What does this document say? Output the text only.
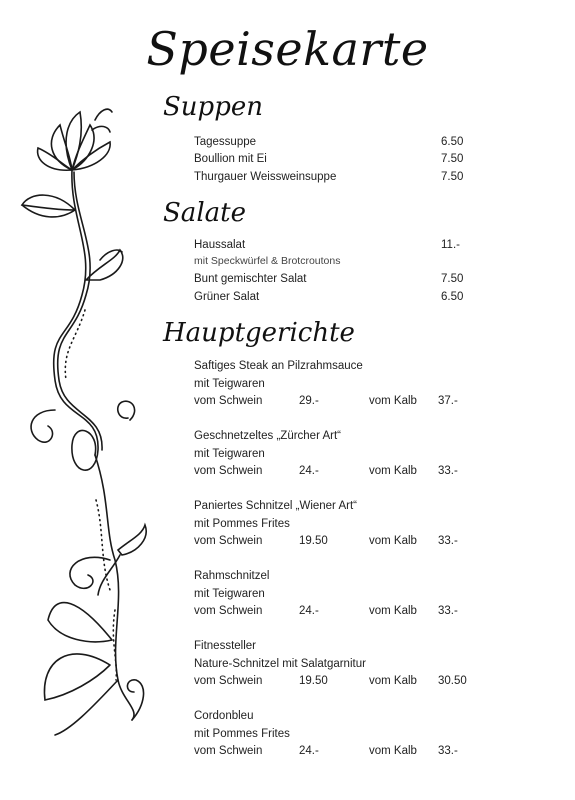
Speisekarte
Suppen
Tagessuppe	6.50
Boullion mit Ei	7.50
Thurgauer Weissweinsuppe	7.50
Salate
Haussalat	11.-
mit Speckwürfel & Brotcroutons
Bunt gemischter Salat	7.50
Grüner Salat	6.50
Hauptgerichte
Saftiges Steak an Pilzrahmsauce
mit Teigwaren
vom Schwein	29.-	vom Kalb 37.-
Geschnetzeltes „Zürcher Art“
mit Teigwaren
vom Schwein	24.-	vom Kalb 33.-
Paniertes Schnitzel „Wiener Art“
mit Pommes Frites
vom Schwein	19.50	vom Kalb 33.-
Rahmschnitzel
mit Teigwaren
vom Schwein	24.-	vom Kalb 33.-
Fitnessteller
Nature-Schnitzel mit Salatgarnitur
vom Schwein	19.50	vom Kalb 30.50
Cordonbleu
mit Pommes Frites
vom Schwein	24.-	vom Kalb 33.-
